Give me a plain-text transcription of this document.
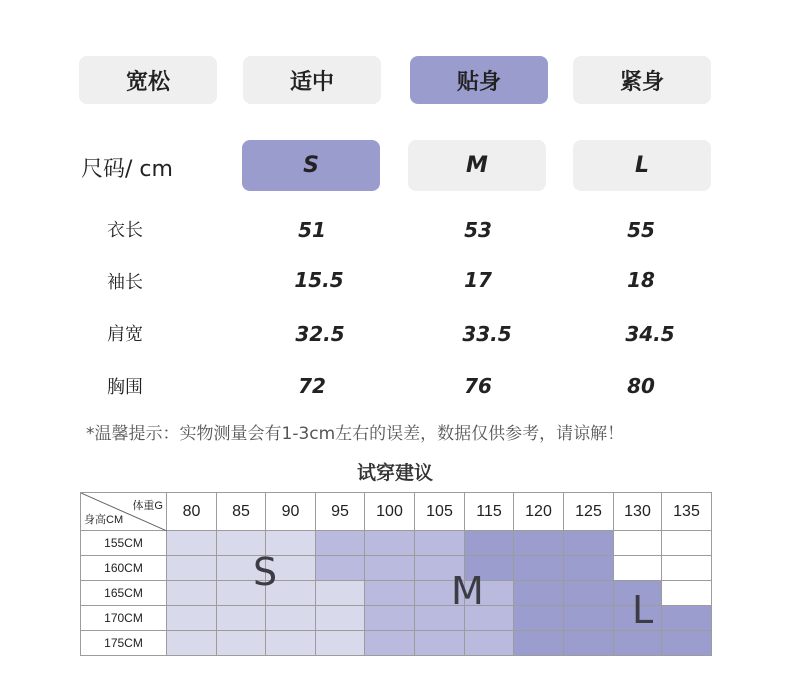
宽松	适中	贴身	紧身
尺码/ cm	S	M	L
衣长	51	53	55
袖长	15.5	17	18
肩宽	32.5	33.5	34.5
胸围	72	76	80
*温馨提示：实物测量会有1-3cm左右的误差，数据仅供参考，请谅解！
试穿建议
体重G
身高CM	80	85	90	95	100	105	115	120	125	130	135
155CM											
160CM											
165CM											
170CM											
175CM											
S	M	L
